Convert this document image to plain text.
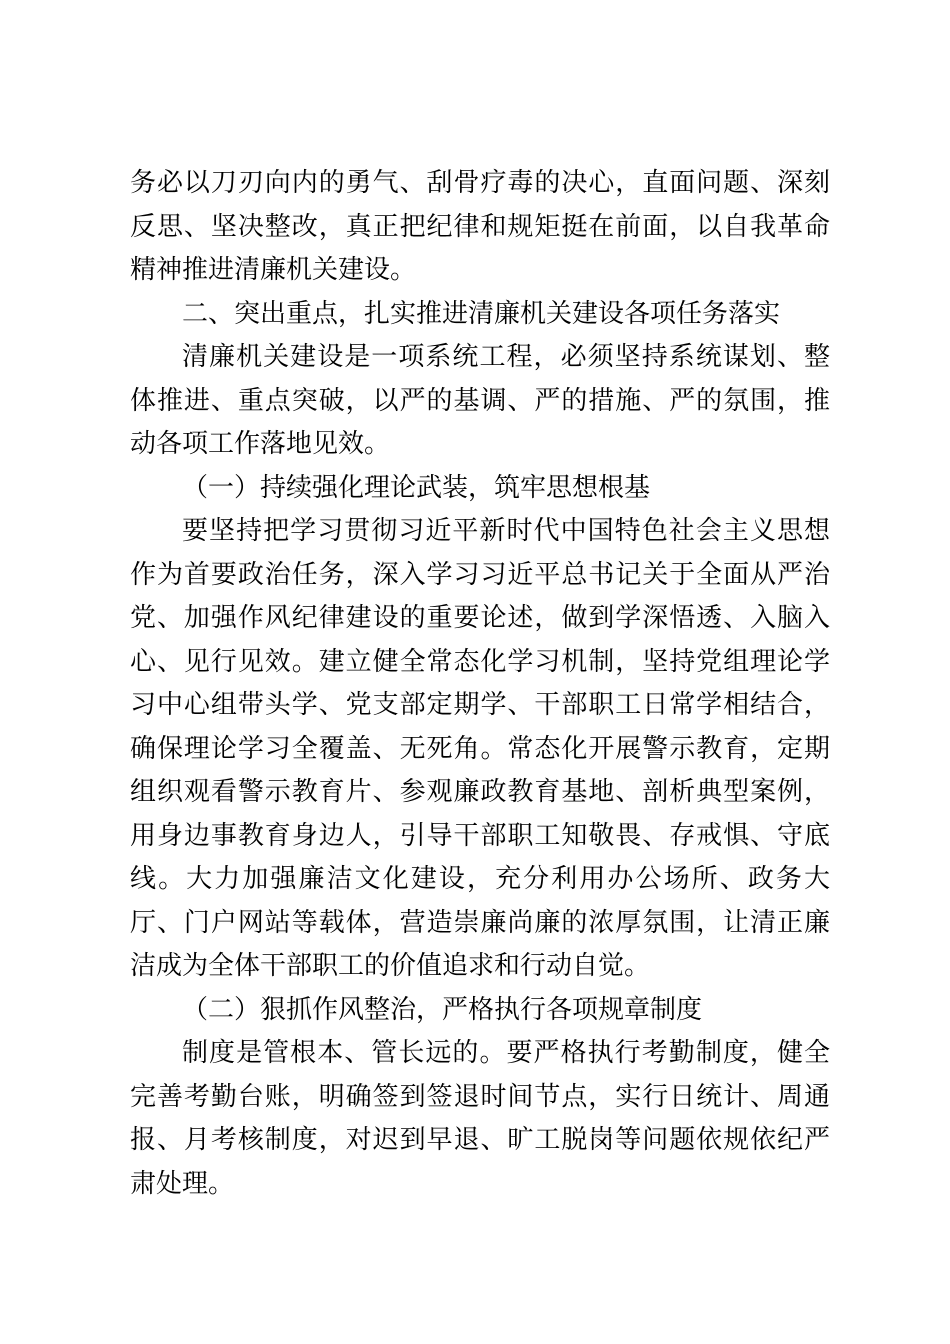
务必以刀刃向内的勇气、刮骨疗毒的决心，直面问题、深刻反思、坚决整改，真正把纪律和规矩挺在前面，以自我革命精神推进清廉机关建设。

二、突出重点，扎实推进清廉机关建设各项任务落实

清廉机关建设是一项系统工程，必须坚持系统谋划、整体推进、重点突破，以严的基调、严的措施、严的氛围，推动各项工作落地见效。

（一）持续强化理论武装，筑牢思想根基

要坚持把学习贯彻习近平新时代中国特色社会主义思想作为首要政治任务，深入学习习近平总书记关于全面从严治党、加强作风纪律建设的重要论述，做到学深悟透、入脑入心、见行见效。建立健全常态化学习机制，坚持党组理论学习中心组带头学、党支部定期学、干部职工日常学相结合，确保理论学习全覆盖、无死角。常态化开展警示教育，定期组织观看警示教育片、参观廉政教育基地、剖析典型案例，用身边事教育身边人，引导干部职工知敬畏、存戒惧、守底线。大力加强廉洁文化建设，充分利用办公场所、政务大厅、门户网站等载体，营造崇廉尚廉的浓厚氛围，让清正廉洁成为全体干部职工的价值追求和行动自觉。

（二）狠抓作风整治，严格执行各项规章制度

制度是管根本、管长远的。要严格执行考勤制度，健全完善考勤台账，明确签到签退时间节点，实行日统计、周通报、月考核制度，对迟到早退、旷工脱岗等问题依规依纪严肃处理。
